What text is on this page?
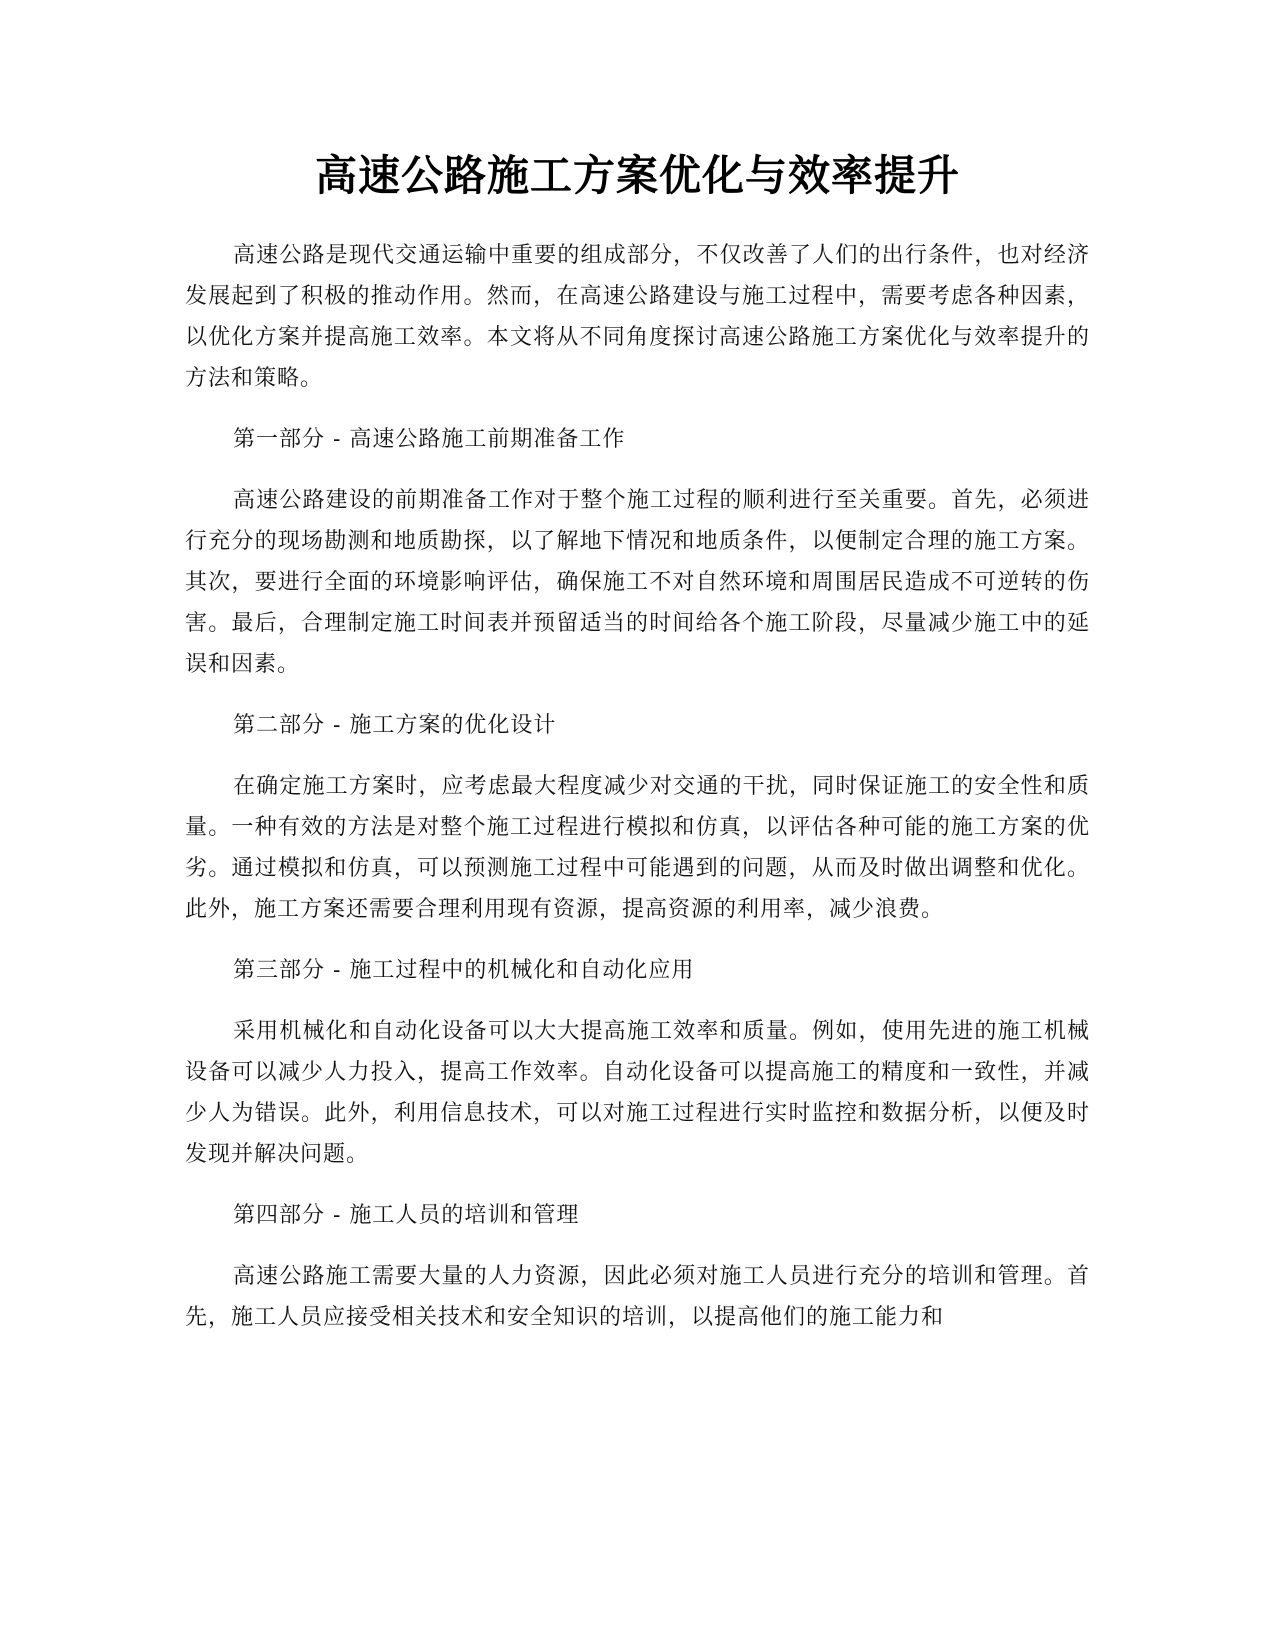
高速公路施工方案优化与效率提升

高速公路是现代交通运输中重要的组成部分，不仅改善了人们的出行条件，也对经济发展起到了积极的推动作用。然而，在高速公路建设与施工过程中，需要考虑各种因素，以优化方案并提高施工效率。本文将从不同角度探讨高速公路施工方案优化与效率提升的方法和策略。

第一部分 - 高速公路施工前期准备工作

高速公路建设的前期准备工作对于整个施工过程的顺利进行至关重要。首先，必须进行充分的现场勘测和地质勘探，以了解地下情况和地质条件，以便制定合理的施工方案。其次，要进行全面的环境影响评估，确保施工不对自然环境和周围居民造成不可逆转的伤害。最后，合理制定施工时间表并预留适当的时间给各个施工阶段，尽量减少施工中的延误和因素。

第二部分 - 施工方案的优化设计

在确定施工方案时，应考虑最大程度减少对交通的干扰，同时保证施工的安全性和质量。一种有效的方法是对整个施工过程进行模拟和仿真，以评估各种可能的施工方案的优劣。通过模拟和仿真，可以预测施工过程中可能遇到的问题，从而及时做出调整和优化。此外，施工方案还需要合理利用现有资源，提高资源的利用率，减少浪费。

第三部分 - 施工过程中的机械化和自动化应用

采用机械化和自动化设备可以大大提高施工效率和质量。例如，使用先进的施工机械设备可以减少人力投入，提高工作效率。自动化设备可以提高施工的精度和一致性，并减少人为错误。此外，利用信息技术，可以对施工过程进行实时监控和数据分析，以便及时发现并解决问题。

第四部分 - 施工人员的培训和管理

高速公路施工需要大量的人力资源，因此必须对施工人员进行充分的培训和管理。首先，施工人员应接受相关技术和安全知识的培训，以提高他们的施工能力和
